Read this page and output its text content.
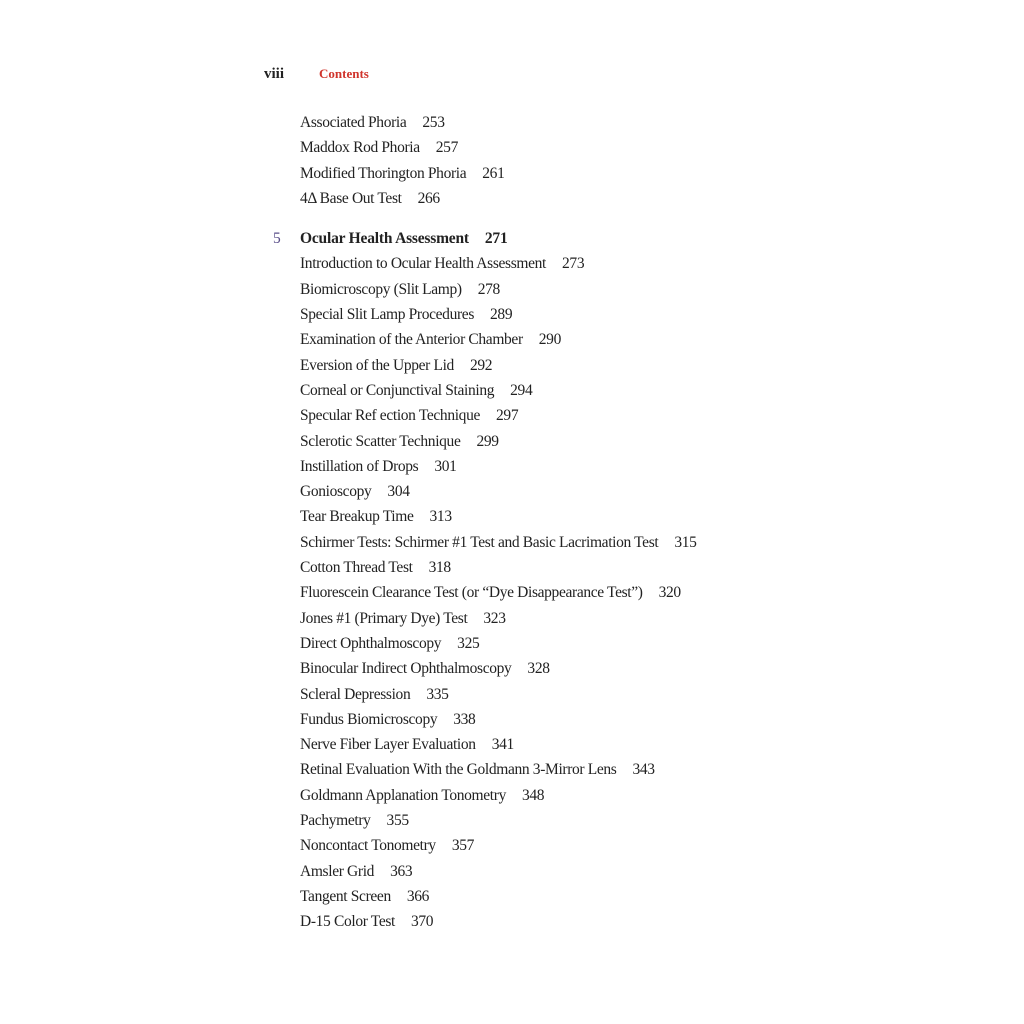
viii	Contents
Associated Phoria 253
Maddox Rod Phoria 257
Modified Thorington Phoria 261
4Δ Base Out Test 266
5 Ocular Health Assessment 271
Introduction to Ocular Health Assessment 273
Biomicroscopy (Slit Lamp) 278
Special Slit Lamp Procedures 289
Examination of the Anterior Chamber 290
Eversion of the Upper Lid 292
Corneal or Conjunctival Staining 294
Specular Ref ection Technique 297
Sclerotic Scatter Technique 299
Instillation of Drops 301
Gonioscopy 304
Tear Breakup Time 313
Schirmer Tests: Schirmer #1 Test and Basic Lacrimation Test 315
Cotton Thread Test 318
Fluorescein Clearance Test (or “Dye Disappearance Test”) 320
Jones #1 (Primary Dye) Test 323
Direct Ophthalmoscopy 325
Binocular Indirect Ophthalmoscopy 328
Scleral Depression 335
Fundus Biomicroscopy 338
Nerve Fiber Layer Evaluation 341
Retinal Evaluation With the Goldmann 3-Mirror Lens 343
Goldmann Applanation Tonometry 348
Pachymetry 355
Noncontact Tonometry 357
Amsler Grid 363
Tangent Screen 366
D-15 Color Test 370
